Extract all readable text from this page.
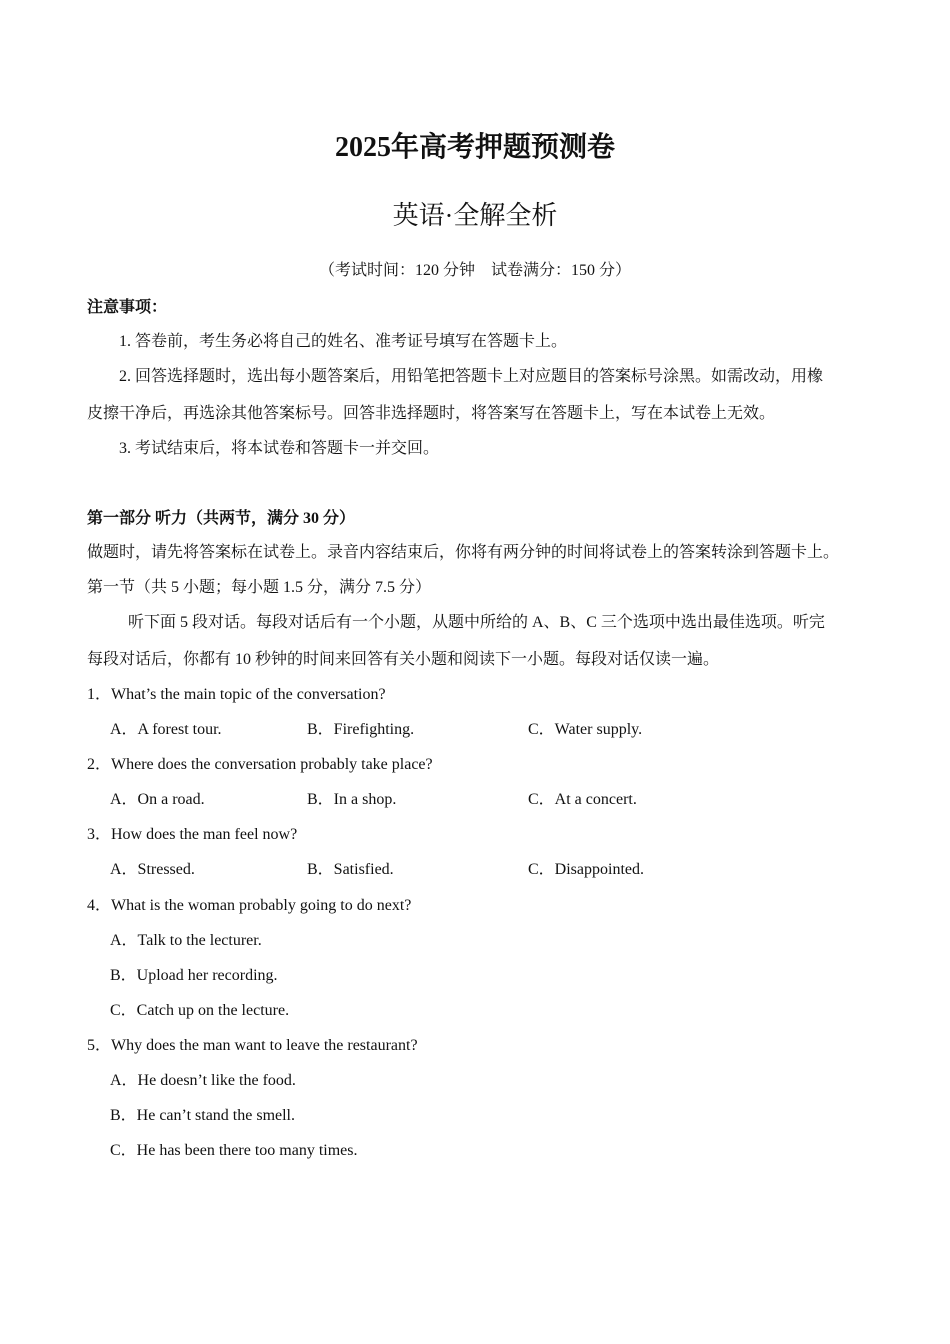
2025年高考押题预测卷
英语·全解全析
（考试时间：120 分钟　试卷满分：150 分）
注意事项：
1. 答卷前，考生务必将自己的姓名、准考证号填写在答题卡上。
2. 回答选择题时，选出每小题答案后，用铅笔把答题卡上对应题目的答案标号涂黑。如需改动，用橡
皮擦干净后，再选涂其他答案标号。回答非选择题时，将答案写在答题卡上，写在本试卷上无效。
3. 考试结束后，将本试卷和答题卡一并交回。
第一部分 听力（共两节，满分 30 分）
做题时，请先将答案标在试卷上。录音内容结束后，你将有两分钟的时间将试卷上的答案转涂到答题卡上。
第一节（共 5 小题；每小题 1.5 分，满分 7.5 分）
听下面 5 段对话。每段对话后有一个小题，从题中所给的 A、B、C 三个选项中选出最佳选项。听完
每段对话后，你都有 10 秒钟的时间来回答有关小题和阅读下一小题。每段对话仅读一遍。
1．What’s the main topic of the conversation?
A．A forest tour.	B．Firefighting.	C．Water supply.
2．Where does the conversation probably take place?
A．On a road.	B．In a shop.	C．At a concert.
3．How does the man feel now?
A．Stressed.	B．Satisfied.	C．Disappointed.
4．What is the woman probably going to do next?
A．Talk to the lecturer.
B．Upload her recording.
C．Catch up on the lecture.
5．Why does the man want to leave the restaurant?
A．He doesn’t like the food.
B．He can’t stand the smell.
C．He has been there too many times.
